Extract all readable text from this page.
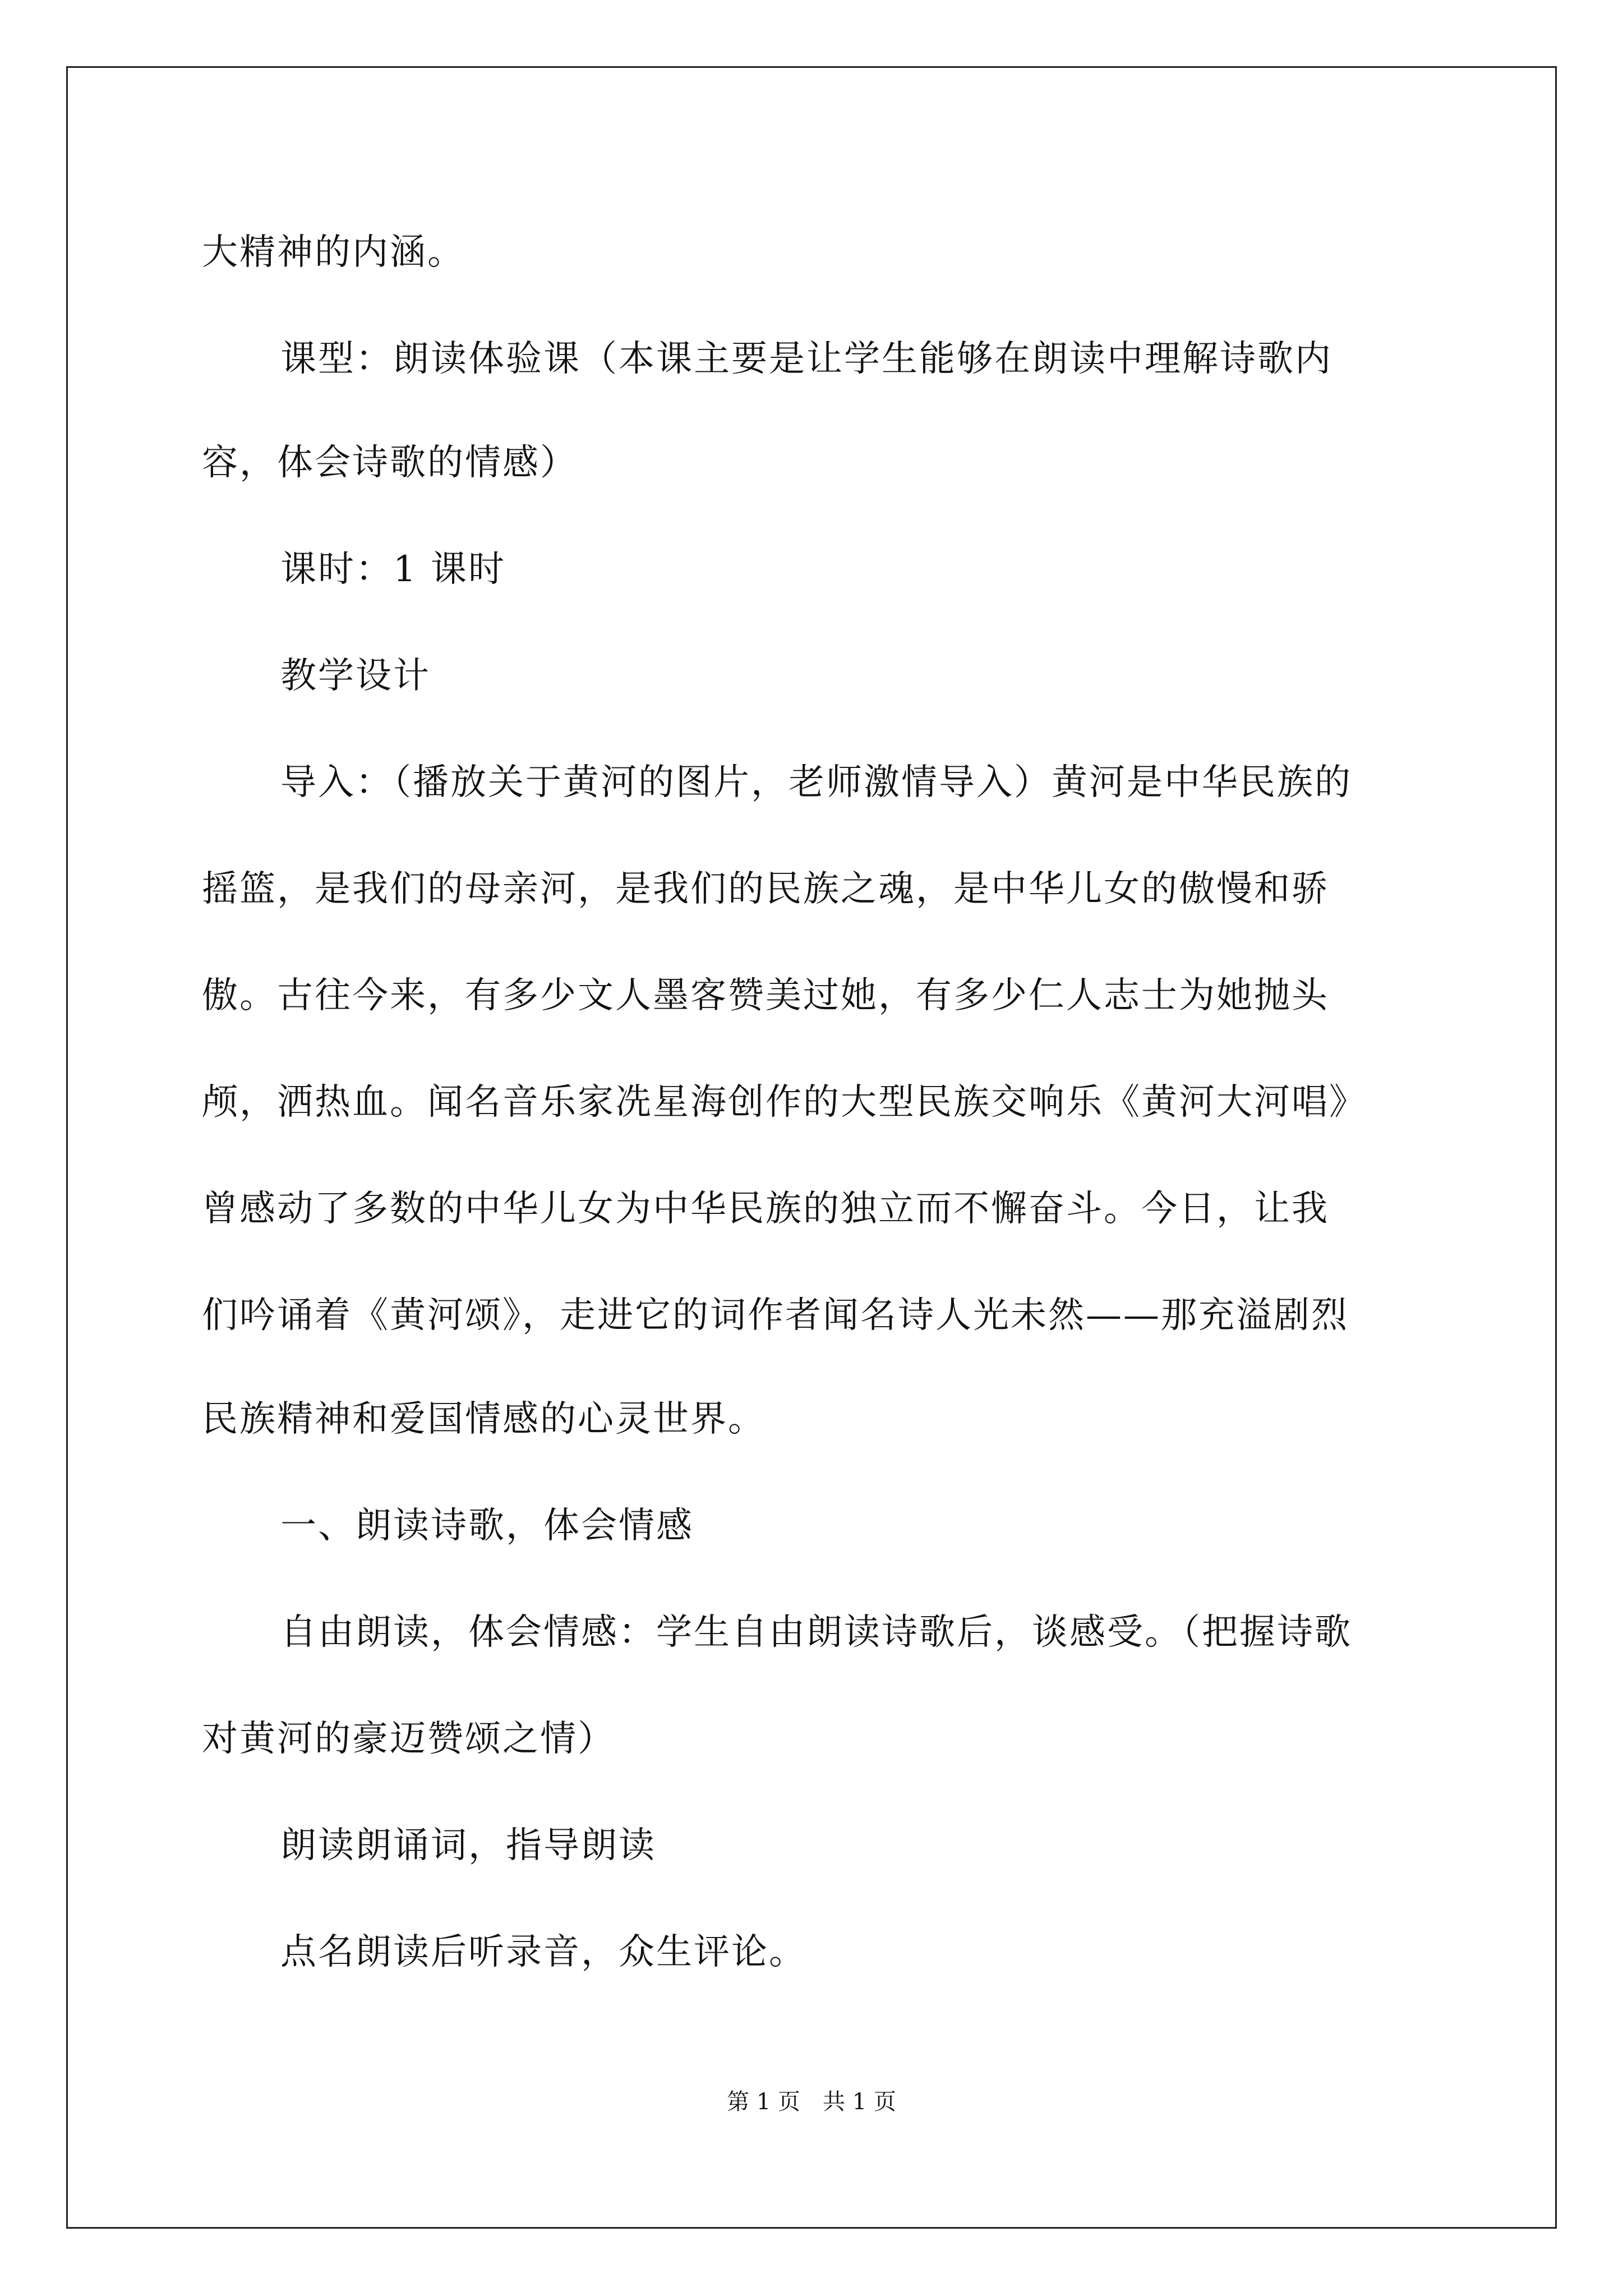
大精神的内涵。
课型：朗读体验课（本课主要是让学生能够在朗读中理解诗歌内
容，体会诗歌的情感）
课时：1 课时
教学设计
导入：（播放关于黄河的图片，老师激情导入）黄河是中华民族的
摇篮，是我们的母亲河，是我们的民族之魂，是中华儿女的傲慢和骄
傲。古往今来，有多少文人墨客赞美过她，有多少仁人志士为她抛头
颅，洒热血。闻名音乐家冼星海创作的大型民族交响乐《黄河大河唱》
曾感动了多数的中华儿女为中华民族的独立而不懈奋斗。今日，让我
们吟诵着《黄河颂》，走进它的词作者闻名诗人光未然——那充溢剧烈
民族精神和爱国情感的心灵世界。
一、朗读诗歌，体会情感
自由朗读，体会情感：学生自由朗读诗歌后，谈感受。（把握诗歌
对黄河的豪迈赞颂之情）
朗读朗诵词，指导朗读
点名朗读后听录音，众生评论。
第 1 页　共 1 页
